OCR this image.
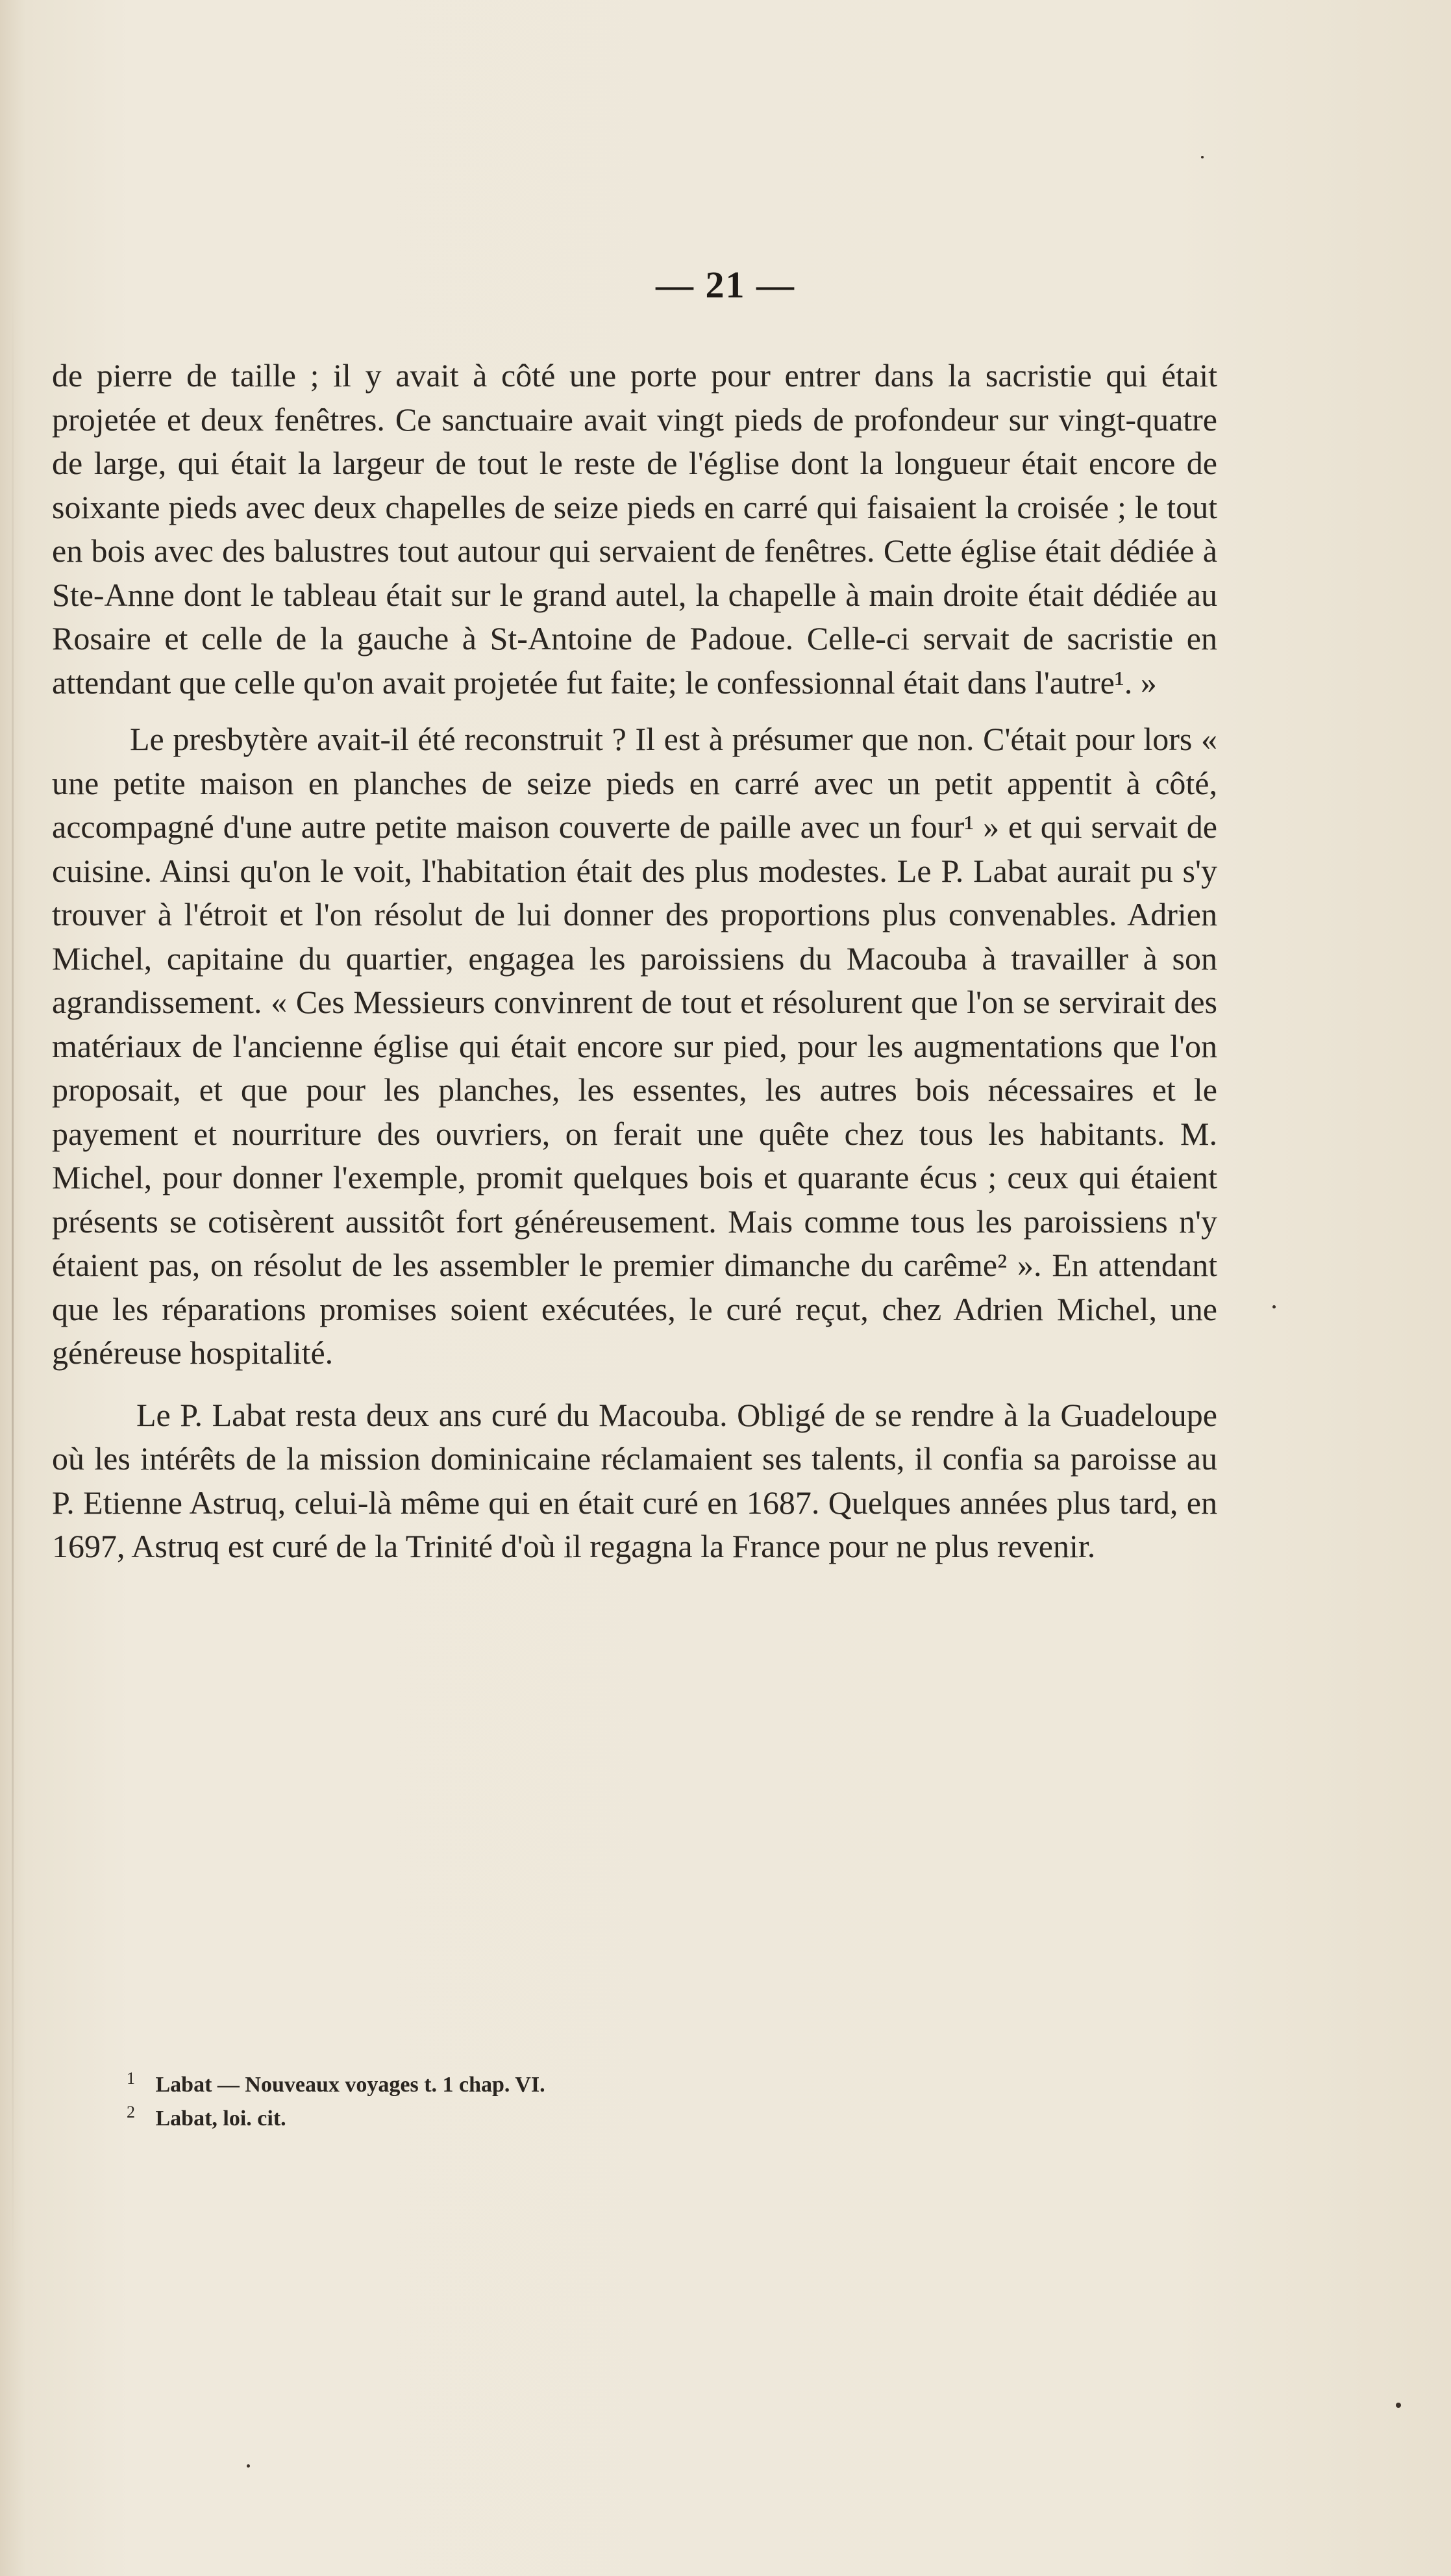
— 21 —

de pierre de taille ; il y avait à côté une porte pour entrer dans la sacristie qui était projetée et deux fenêtres. Ce sanctuaire avait vingt pieds de profondeur sur vingt-quatre de large, qui était la largeur de tout le reste de l'église dont la longueur était encore de soixante pieds avec deux chapelles de seize pieds en carré qui faisaient la croisée ; le tout en bois avec des balustres tout autour qui servaient de fenêtres. Cette église était dédiée à Ste-Anne dont le tableau était sur le grand autel, la chapelle à main droite était dédiée au Rosaire et celle de la gauche à St-Antoine de Padoue. Celle-ci servait de sacristie en attendant que celle qu'on avait projetée fut faite; le confessionnal était dans l'autre¹. »

Le presbytère avait-il été reconstruit ? Il est à présumer que non. C'était pour lors « une petite maison en planches de seize pieds en carré avec un petit appentit à côté, accompagné d'une autre petite maison couverte de paille avec un four¹ » et qui servait de cuisine. Ainsi qu'on le voit, l'habitation était des plus modestes. Le P. Labat aurait pu s'y trouver à l'étroit et l'on résolut de lui donner des proportions plus convenables. Adrien Michel, capitaine du quartier, engagea les paroissiens du Macouba à travailler à son agrandissement. « Ces Messieurs convinrent de tout et résolurent que l'on se servirait des matériaux de l'ancienne église qui était encore sur pied, pour les augmentations que l'on proposait, et que pour les planches, les essentes, les autres bois nécessaires et le payement et nourriture des ouvriers, on ferait une quête chez tous les habitants. M. Michel, pour donner l'exemple, promit quelques bois et quarante écus ; ceux qui étaient présents se cotisèrent aussitôt fort généreusement. Mais comme tous les paroissiens n'y étaient pas, on résolut de les assembler le premier dimanche du carême² ». En attendant que les réparations promises soient exécutées, le curé reçut, chez Adrien Michel, une généreuse hospitalité.

Le P. Labat resta deux ans curé du Macouba. Obligé de se rendre à la Guadeloupe où les intérêts de la mission dominicaine réclamaient ses talents, il confia sa paroisse au P. Etienne Astruq, celui-là même qui en était curé en 1687. Quelques années plus tard, en 1697, Astruq est curé de la Trinité d'où il regagna la France pour ne plus revenir.

1 Labat — Nouveaux voyages t. 1 chap. VI.
2 Labat, loi. cit.
